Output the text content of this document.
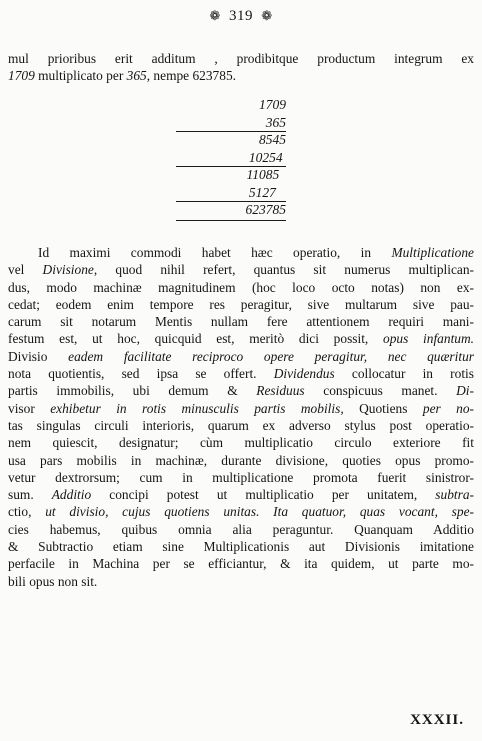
❁ 319 ❁
mul prioribus erit additum , prodibitque productum integrum ex
1709 multiplicato per 365, nempe 623785.
1709
365
8545
10254
11085
5127
623785
Id maximi commodi habet hæc operatio, in Multiplicatione
vel Divisione, quod nihil refert, quantus sit numerus multiplican-
dus, modo machinæ magnitudinem (hoc loco octo notas) non ex-
cedat; eodem enim tempore res peragitur, sive multarum sive pau-
carum sit notarum Mentis nullam fere attentionem requiri mani-
festum est, ut hoc, quicquid est, meritò dici possit, opus infantum.
Divisio eadem facilitate reciproco opere peragitur, nec quæritur
nota quotientis, sed ipsa se offert. Dividendus collocatur in rotis
partis immobilis, ubi demum & Residuus conspicuus manet. Di-
visor exhibetur in rotis minusculis partis mobilis, Quotiens per no-
tas singulas circuli interioris, quarum ex adverso stylus post operatio-
nem quiescit, designatur; cùm multiplicatio circulo exteriore fit
usa pars mobilis in machinæ, durante divisione, quoties opus promo-
vetur dextrorsum; cum in multiplicatione promota fuerit sinistror-
sum. Additio concipi potest ut multiplicatio per unitatem, subtra-
ctio, ut divisio, cujus quotiens unitas. Ita quatuor, quas vocant, spe-
cies habemus, quibus omnia alia peraguntur. Quanquam Additio
& Subtractio etiam sine Multiplicationis aut Divisionis imitatione
perfacile in Machina per se efficiantur, & ita quidem, ut parte mo-
bili opus non sit.
XXXII.
